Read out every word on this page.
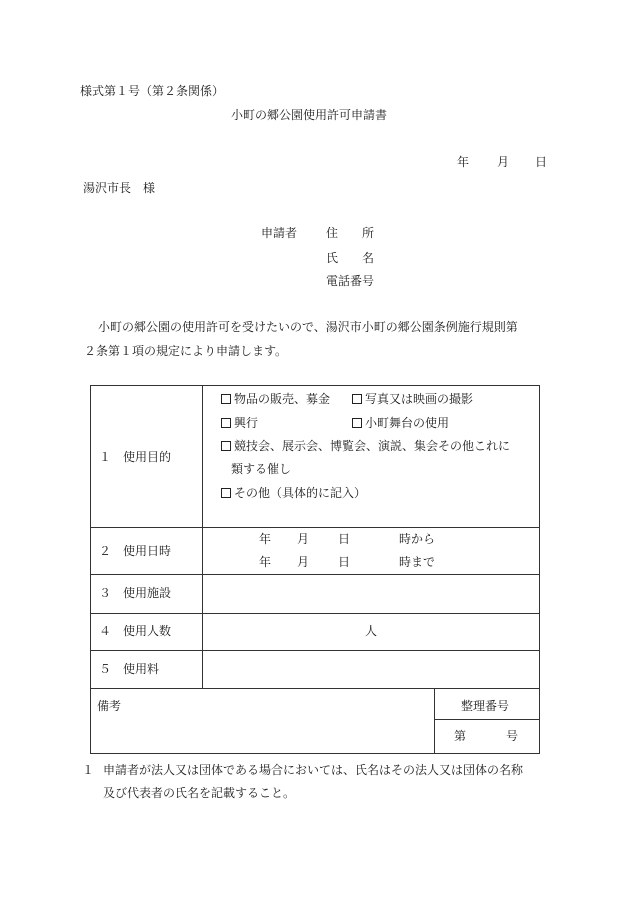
様式第１号（第２条関係）
小町の郷公園使用許可申請書
年 月 日
湯沢市長　様
申請者 住　　所
氏　　名
電話番号
小町の郷公園の使用許可を受けたいので、湯沢市小町の郷公園条例施行規則第
２条第１項の規定により申請します。
１　使用目的
物品の販売、募金	写真又は映画の撮影
興行	小町舞台の使用
競技会、展示会、博覧会、演説、集会その他これに
類する催し
その他（具体的に記入）
２　使用日時
年 月 日	時から
年 月 日	時まで
３　使用施設
４　使用人数	人
５　使用料
備考	整理番号
第	号
１ 申請者が法人又は団体である場合においては、氏名はその法人又は団体の名称
及び代表者の氏名を記載すること。
